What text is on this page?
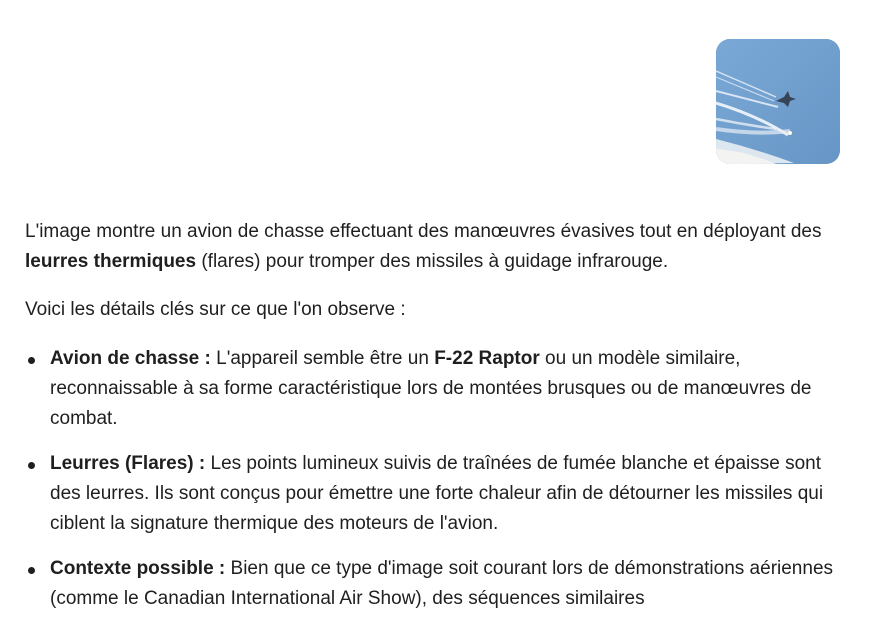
L'image montre un avion de chasse effectuant des manœuvres évasives tout en déployant des leurres thermiques (flares) pour tromper des missiles à guidage infrarouge.

Voici les détails clés sur ce que l'on observe :

Avion de chasse : L'appareil semble être un F-22 Raptor ou un modèle similaire, reconnaissable à sa forme caractéristique lors de montées brusques ou de manœuvres de combat.
Leurres (Flares) : Les points lumineux suivis de traînées de fumée blanche et épaisse sont des leurres. Ils sont conçus pour émettre une forte chaleur afin de détourner les missiles qui ciblent la signature thermique des moteurs de l'avion.
Contexte possible : Bien que ce type d'image soit courant lors de démonstrations aériennes (comme le Canadian International Air Show), des séquences similaires
